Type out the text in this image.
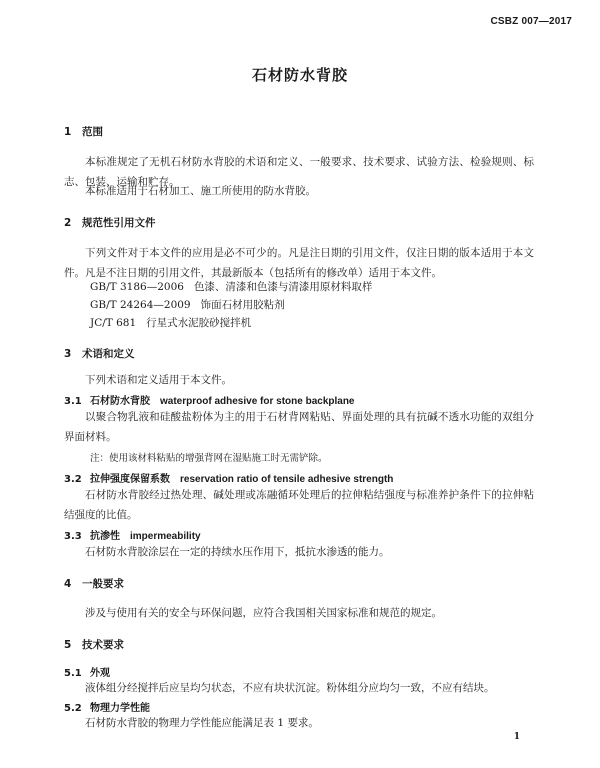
CSBZ 007—2017
石材防水背胶
1 范围
本标准规定了无机石材防水背胶的术语和定义、一般要求、技术要求、试验方法、检验规则、标志、包装、运输和贮存。
本标准适用于石材加工、施工所使用的防水背胶。
2 规范性引用文件
下列文件对于本文件的应用是必不可少的。凡是注日期的引用文件，仅注日期的版本适用于本文件。凡是不注日期的引用文件，其最新版本（包括所有的修改单）适用于本文件。
GB/T 3186—2006 色漆、清漆和色漆与清漆用原材料取样
GB/T 24264—2009 饰面石材用胶粘剂
JC/T 681 行星式水泥胶砂搅拌机
3 术语和定义
下列术语和定义适用于本文件。
3.1 石材防水背胶 waterproof adhesive for stone backplane
以聚合物乳液和硅酸盐粉体为主的用于石材背网粘贴、界面处理的具有抗碱不透水功能的双组分界面材料。
注：使用该材料粘贴的增强背网在湿贴施工时无需铲除。
3.2 拉伸强度保留系数 reservation ratio of tensile adhesive strength
石材防水背胶经过热处理、碱处理或冻融循环处理后的拉伸粘结强度与标准养护条件下的拉伸粘结强度的比值。
3.3 抗渗性 impermeability
石材防水背胶涂层在一定的持续水压作用下，抵抗水渗透的能力。
4 一般要求
涉及与使用有关的安全与环保问题，应符合我国相关国家标准和规范的规定。
5 技术要求
5.1 外观
液体组分经搅拌后应呈均匀状态，不应有块状沉淀。粉体组分应均匀一致，不应有结块。
5.2 物理力学性能
石材防水背胶的物理力学性能应能满足表 1 要求。
1
